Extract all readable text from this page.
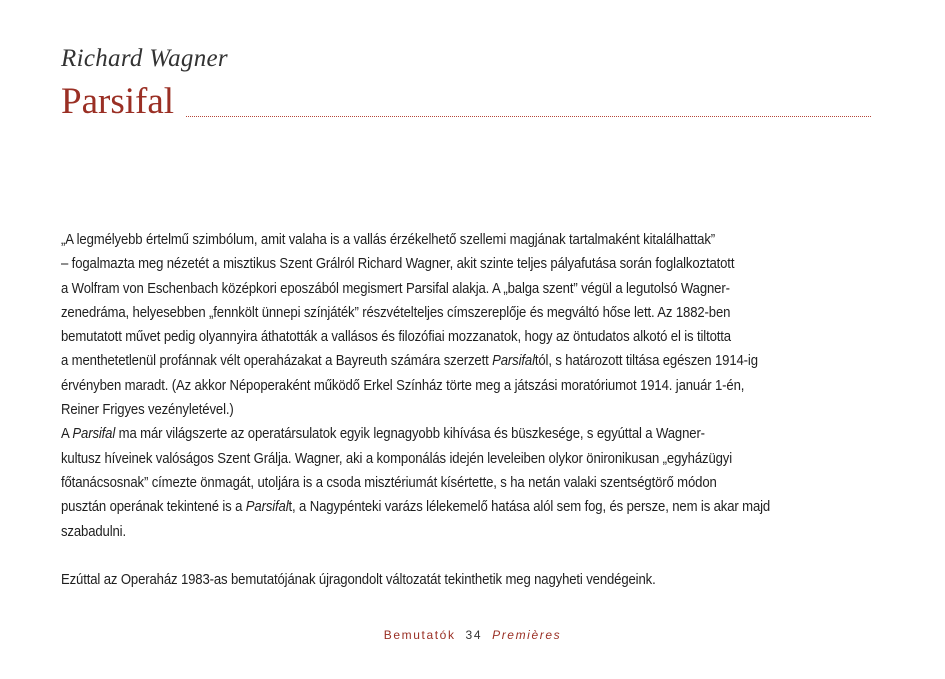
Richard Wagner

Parsifal
„A legmélyebb értelmű szimbólum, amit valaha is a vallás érzékelhető szellemi magjának tartalmaként kitalálhattak”
– fogalmazta meg nézetét a misztikus Szent Grálról Richard Wagner, akit szinte teljes pályafutása során foglalkoztatott
a Wolfram von Eschenbach középkori eposzából megismert Parsifal alakja. A „balga szent” végül a legutolsó Wagner-
zenedráma, helyesebben „fennkölt ünnepi színjáték” részvételteljes címszereplője és megváltó hőse lett. Az 1882-ben
bemutatott művet pedig olyannyira áthatották a vallásos és filozófiai mozzanatok, hogy az öntudatos alkotó el is tiltotta
a menthetetlenül profánnak vélt operaházakat a Bayreuth számára szerzett Parsifaltól, s határozott tiltása egészen 1914-ig
érvényben maradt. (Az akkor Népoperaként működő Erkel Színház törte meg a játszási moratóriumot 1914. január 1-én,
Reiner Frigyes vezényletével.)
A Parsifal ma már világszerte az operatársulatok egyik legnagyobb kihívása és büszkesége, s egyúttal a Wagner-
kultusz híveinek valóságos Szent Grálja. Wagner, aki a komponálás idején leveleiben olykor önironikusan „egyházügyi
főtanácsosnak” címezte önmagát, utoljára is a csoda misztériumát kísértette, s ha netán valaki szentségtörő módon
pusztán operának tekintené is a Parsifalt, a Nagypénteki varázs lélekemelő hatása alól sem fog, és persze, nem is akar majd
szabadulni.
Ezúttal az Operaház 1983-as bemutatójának újragondolt változatát tekinthetik meg nagyheti vendégeink.
Bemutatók 34 Premières
